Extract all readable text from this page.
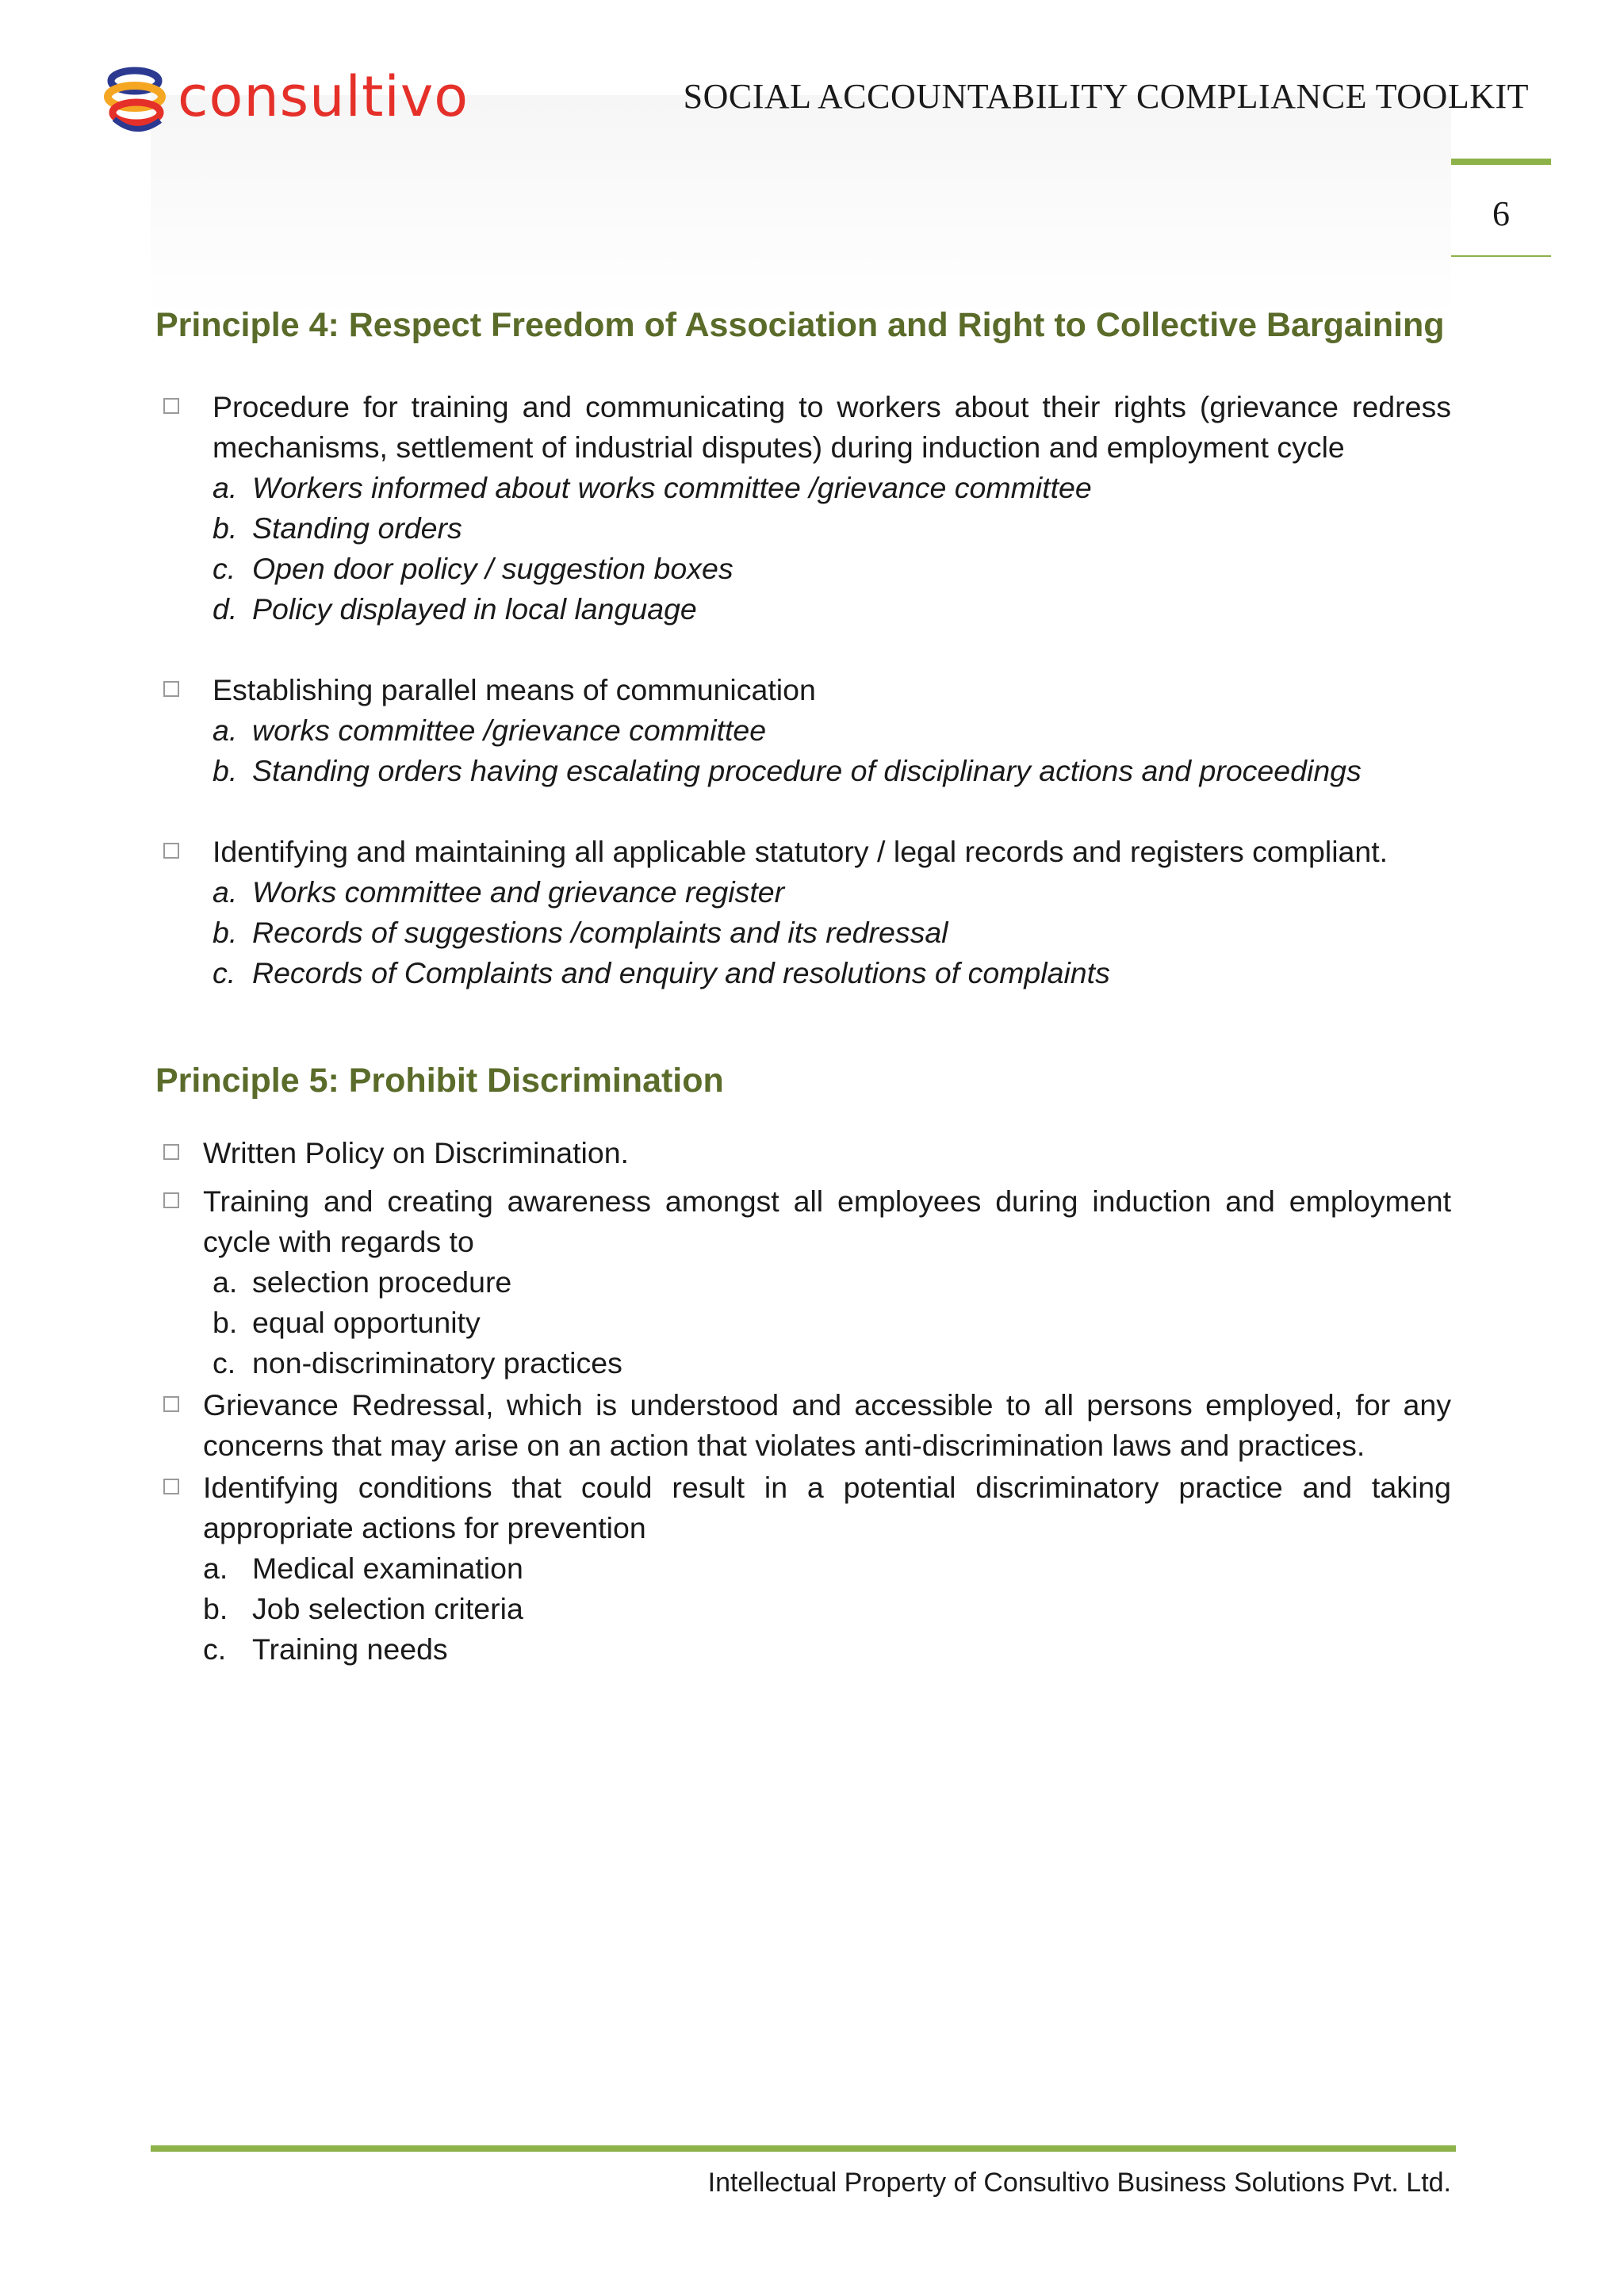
consultivo	SOCIAL ACCOUNTABILITY COMPLIANCE TOOLKIT
6
Principle 4: Respect Freedom of Association and Right to Collective Bargaining
Procedure for training and communicating to workers about their rights (grievance redress mechanisms, settlement of industrial disputes) during induction and employment cycle
a. Workers informed about works committee /grievance committee
b. Standing orders
c. Open door policy / suggestion boxes
d. Policy displayed in local language
Establishing parallel means of communication
a. works committee /grievance committee
b. Standing orders having escalating procedure of disciplinary actions and proceedings
Identifying and maintaining all applicable statutory / legal records and registers compliant.
a. Works committee and grievance register
b. Records of suggestions /complaints and its redressal
c. Records of Complaints and enquiry and resolutions of complaints
Principle 5: Prohibit Discrimination
Written Policy on Discrimination.
Training and creating awareness amongst all employees during induction and employment cycle with regards to
a. selection procedure
b. equal opportunity
c. non-discriminatory practices
Grievance Redressal, which is understood and accessible to all persons employed, for any concerns that may arise on an action that violates anti-discrimination laws and practices.
Identifying conditions that could result in a potential discriminatory practice and taking appropriate actions for prevention
a. Medical examination
b. Job selection criteria
c. Training needs
Intellectual Property of Consultivo Business Solutions Pvt. Ltd.
